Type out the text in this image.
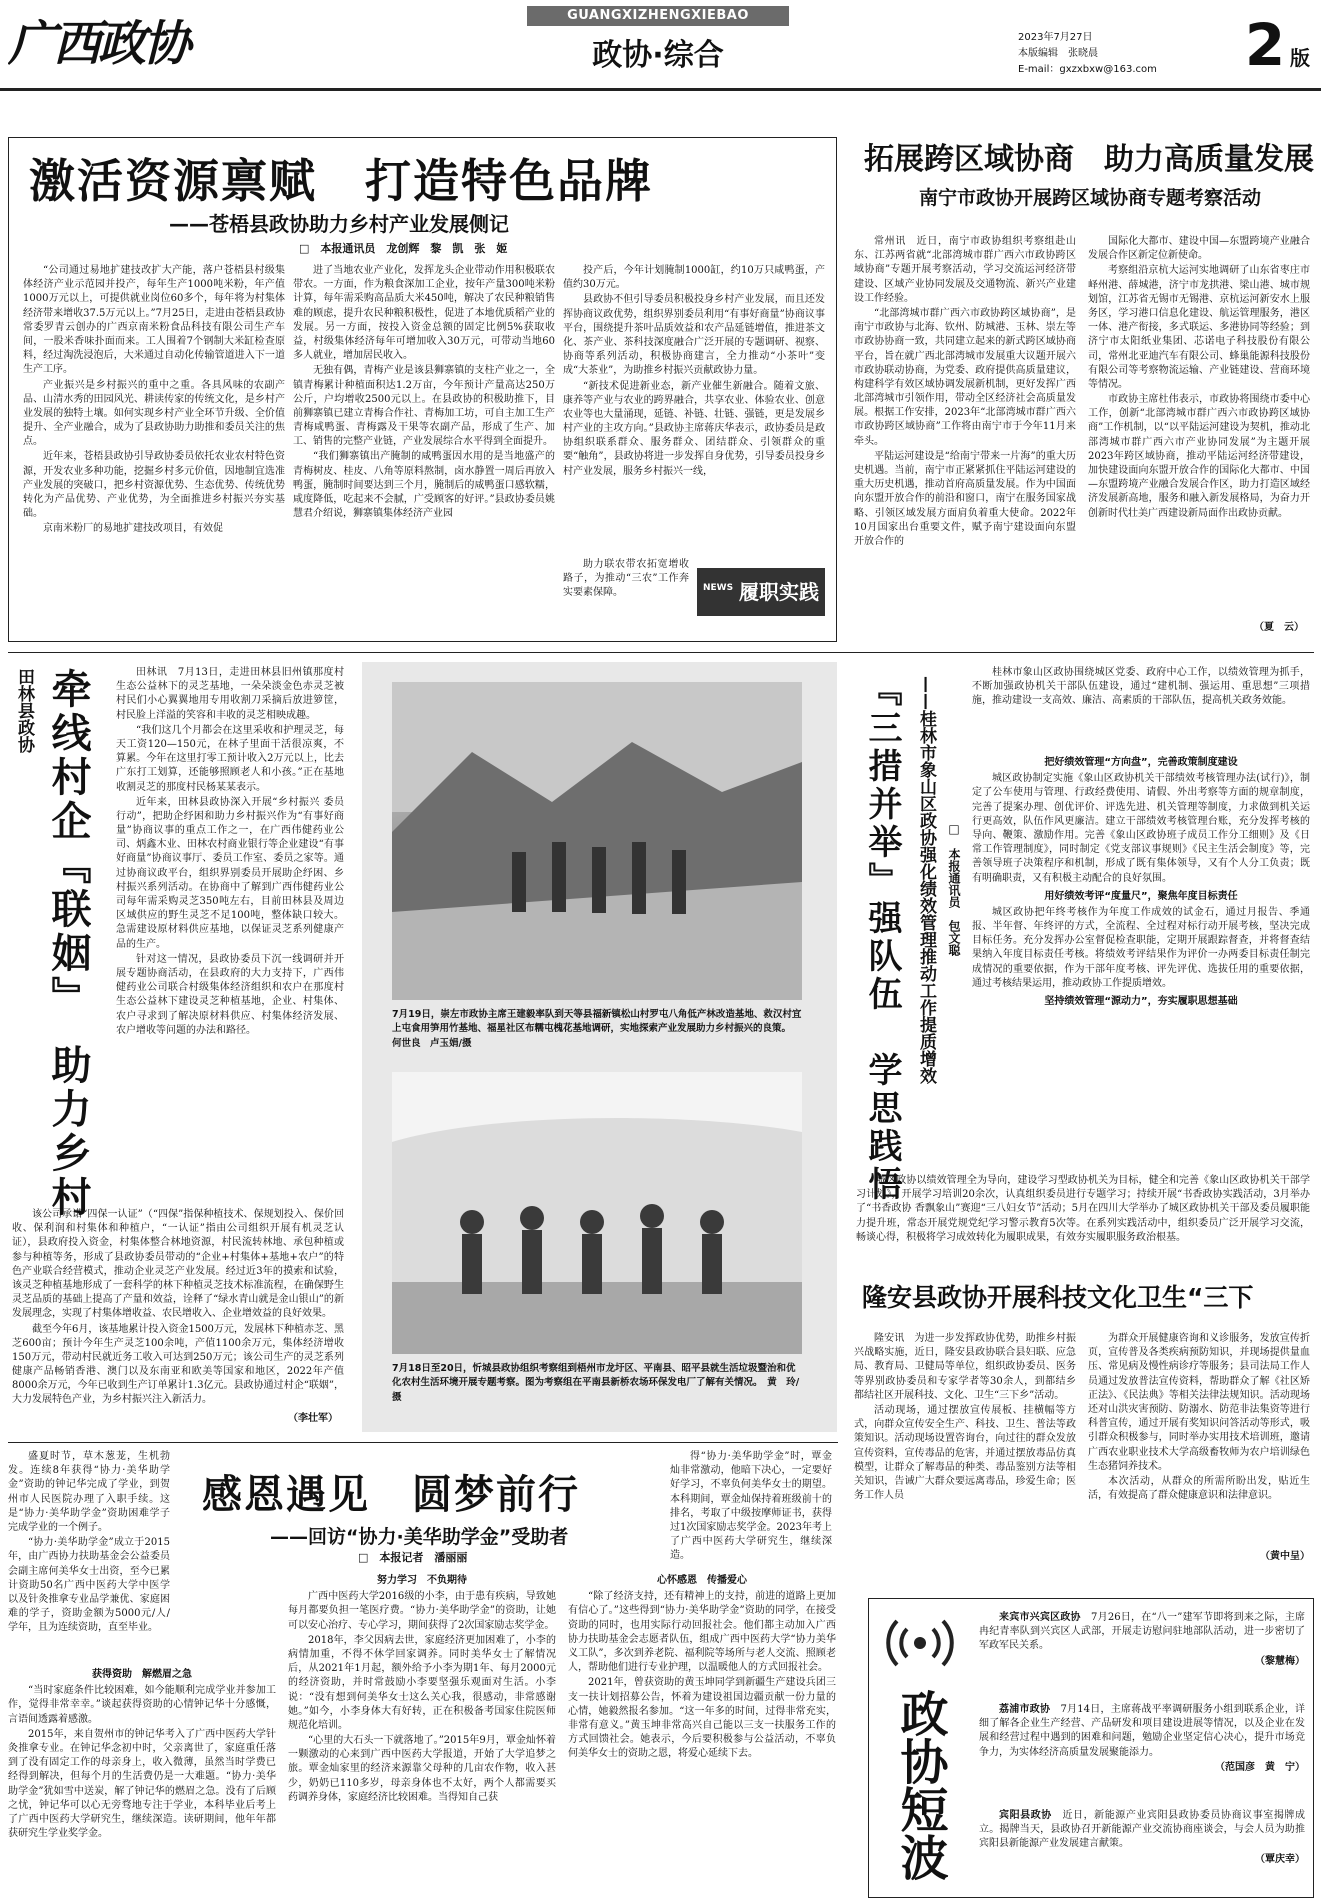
广西政协
GUANGXIZHENGXIEBAO
政协·综合
2023年7月27日
本版编辑　张晓晨
E-mail：gxzxbxw@163.com	2 版
激活资源禀赋　打造特色品牌
——苍梧县政协助力乡村产业发展侧记
□　本报通讯员　龙创辉　黎　凯　张　姬

“公司通过易地扩建技改扩大产能，落户苍梧县村级集体经济产业示范园并投产，每年生产1000吨米粉，年产值1000万元以上，可提供就业岗位60多个，每年将为村集体经济带来增收37.5万元以上。”7月25日，走进由苍梧县政协常委罗青云创办的广西京南米粉食品科技有限公司生产车间，一股米香味扑面而来。工人围着7个钢制大米缸检查原料，经过淘洗浸泡后，大米通过自动化传输管道进入下一道生产工序。

产业振兴是乡村振兴的重中之重。各具风味的农副产品、山清水秀的田园风光、耕读传家的传统文化，是乡村产业发展的独特土壤。如何实现乡村产业全环节升级、全价值提升、全产业融合，成为了县政协助力助推和委员关注的焦点。

近年来，苍梧县政协引导政协委员依托农业农村特色资源，开发农业多种功能，挖掘乡村多元价值，因地制宜选准产业发展的突破口，把乡村资源优势、生态优势、传统优势转化为产品优势、产业优势，为全面推进乡村振兴夯实基础。

京南米粉厂的易地扩建技改项目，有效促

进了当地农业产业化，发挥龙头企业带动作用积极联农带农。一方面，作为粮食深加工企业，按年产量300吨米粉计算，每年需采购高品质大米450吨，解决了农民种粮销售难的顾虑，提升农民种粮积极性，促进了本地优质稻产业的发展。另一方面，按投入资金总额的固定比例5%获取收益，村级集体经济每年可增加收入30万元，可带动当地60多人就业，增加居民收入。

无独有偶，青梅产业是该县狮寨镇的支柱产业之一，全镇青梅累计种植面积达1.2万亩，今年预计产量高达250万公斤，户均增收2500元以上。在县政协的积极助推下，目前狮寨镇已建立青梅合作社、青梅加工坊，可自主加工生产青梅咸鸭蛋、青梅露及干果等农副产品，形成了生产、加工、销售的完整产业链，产业发展综合水平得到全面提升。

“我们狮寨镇出产腌制的咸鸭蛋因水用的是当地盛产的青梅树皮、桂皮、八角等原料熬制，卤水静置一周后再放入鸭蛋，腌制时间要达到三个月，腌制后的咸鸭蛋口感软糯，咸度降低，吃起来不会腻，广受顾客的好评。”县政协委员姚慧君介绍说，狮寨镇集体经济产业园

投产后，今年计划腌制1000缸，约10万只咸鸭蛋，产值约30万元。

县政协不但引导委员积极投身乡村产业发展，而且还发挥协商议政优势，组织界别委员利用“有事好商量”协商议事平台，围绕提升茶叶品质效益和农产品延链增值，推进茶文化、茶产业、茶科技深度融合广泛开展的专题调研、视察、协商等系列活动，积极协商建言，全力推动“小茶叶”变成“大茶业”，为助推乡村振兴贡献政协力量。

“新技术促进新业态，新产业催生新融合。随着文旅、康养等产业与农业的跨界融合，共享农业、体验农业、创意农业等也大量涌现，延链、补链、壮链、强链，更是发展乡村产业的主攻方向。”县政协主席蒋庆华表示，政协委员是政协组织联系群众、服务群众、团结群众、引领群众的重要“触角”，县政协将进一步发挥自身优势，引导委员投身乡村产业发展，服务乡村振兴一线，

助力联农带农拓宽增收路子，为推动“三农”工作奔实要素保障。	NEWS 履职实践
拓展跨区域协商　助力高质量发展
南宁市政协开展跨区域协商专题考察活动

常州讯　近日，南宁市政协组织考察组赴山东、江苏两省就“北部湾城市群广西六市政协跨区域协商”专题开展考察活动，学习交流运河经济带建设、区域产业协同发展及交通物流、新兴产业建设工作经验。

“北部湾城市群广西六市政协跨区域协商”，是南宁市政协与北海、钦州、防城港、玉林、崇左等市政协协商一致，共同建立起来的新式跨区域协商平台，旨在就广西北部湾城市发展重大议题开展六市政协联动协商，为党委、政府提供高质量建议，构建科学有效区域协调发展新机制，更好发挥广西北部湾城市引领作用，带动全区经济社会高质量发展。根据工作安排，2023年“北部湾城市群广西六市政协跨区域协商”工作将由南宁市于今年11月来牵头。

平陆运河建设是“给南宁带来一片海”的重大历史机遇。当前，南宁市正紧紧抓住平陆运河建设的重大历史机遇，推动首府高质量发展。作为中国面向东盟开放合作的前沿和窗口，南宁在服务国家战略、引领区域发展方面肩负着重大使命。2022年10月国家出台重要文件，赋予南宁建设面向东盟开放合作的

国际化大都市、建设中国—东盟跨境产业融合发展合作区新定位新使命。

考察组沿京杭大运河实地调研了山东省枣庄市峄州港、薛城港，济宁市龙拱港、梁山港、城市规划馆，江苏省无锡市无锡港、京杭运河新安水上服务区，学习港口信息化建设、航运管理服务，港区一体、港产衔接，多式联运、多港协同等经验；到济宁市太阳纸业集团、芯诺电子科技股份有限公司，常州北亚迪汽车有限公司、蜂巢能源科技股份有限公司等考察物流运输、产业链建设、营商环境等情况。

市政协主席杜伟表示，市政协将围绕市委中心工作，创新“北部湾城市群广西六市政协跨区域协商”工作机制，以“以平陆运河建设为契机，推动北部湾城市群广西六市产业协同发展”为主题开展2023年跨区域协商，推动平陆运河经济带建设，加快建设面向东盟开放合作的国际化大都市、中国—东盟跨境产业融合发展合作区，助力打造区域经济发展新高地，服务和融入新发展格局，为奋力开创新时代壮美广西建设新局面作出政协贡献。

（夏　云）
田林县政协 牵线村企『联姻』　助力乡村

田林讯　7月13日，走进田林县旧州镇那度村生态公益林下的灵芝基地，一朵朵淡金色赤灵芝被村民们小心翼翼地用专用收割刀采摘后放进箩筐，村民脸上洋溢的笑容和丰收的灵芝相映成趣。

“我们这几个月都会在这里采收和护理灵芝，每天工资120—150元，在林子里面干活很凉爽，不算累。今年在这里打零工预计收入2万元以上，比去广东打工划算，还能够照顾老人和小孩。”正在基地收割灵芝的那度村民杨某某表示。

近年来，田林县政协深入开展“乡村振兴 委员行动”，把助企纾困和助力乡村振兴作为“有事好商量”协商议事的重点工作之一，在广西伟健药业公司、炳鑫木业、田林农村商业银行等企业建设“有事好商量”协商议事厅、委员工作室、委员之家等。通过协商议政平台，组织界别委员开展助企纾困、乡村振兴系列活动。在协商中了解到广西伟健药业公司每年需采购灵芝350吨左右，目前田林县及周边区域供应的野生灵芝不足100吨，整体缺口较大。急需建设原材料供应基地，以保证灵芝系列健康产品的生产。

针对这一情况，县政协委员下沉一线调研并开展专题协商活动，在县政府的大力支持下，广西伟健药业公司联合村级集体经济组织和农户在那度村生态公益林下建设灵芝种植基地，企业、村集体、农户寻求到了解决原材料供应、村集体经济发展、农户增收等问题的办法和路径。

该公司承诺“四保一认证”（“四保”指保种植技术、保规划投入、保价回收、保利润和村集体和种植户，“一认证”指由公司组织开展有机灵芝认证），县政府投入资金，村集体整合林地资源，村民流转林地、承包种植或参与种植等务，形成了县政协委员带动的“企业+村集体+基地+农户”的特色产业联合经营模式，推动企业灵芝产业发展。经过近3年的摸索和试验，该灵芝种植基地形成了一套科学的林下种植灵芝技术标准流程，在确保野生灵芝品质的基础上提高了产量和效益，诠释了“绿水青山就是金山银山”的新发展理念，实现了村集体增收益、农民增收入、企业增效益的良好效果。

截至今年6月，该基地累计投入资金1500万元，发展林下种植赤芝、黑芝600亩；预计今年生产灵芝100余吨，产值1100余万元，集体经济增收150万元，带动村民就近务工收入可达到250万元；该公司生产的灵芝系列健康产品畅销香港、澳门以及东南亚和欧美等国家和地区，2022年产值8000余万元，今年已收到生产订单累计1.3亿元。县政协通过村企“联姻”，大力发展特色产业，为乡村振兴注入新活力。

（李壮军）
7月19日，崇左市政协主席王建毅率队到天等县福新镇松山村罗屯八角低产林改造基地、救汉村宜上屯食用笋用竹基地、福星社区布糯屯槐花基地调研，实地探索产业发展助力乡村振兴的良策。　何世良　卢玉娟/摄
7月18日至20日，忻城县政协组织考察组到梧州市龙圩区、平南县、昭平县就生活垃圾暨治和优化农村生活环境开展专题考察。图为考察组在平南县新桥农场环保发电厂了解有关情况。　黄　玲/摄
『三措并举』强队伍　学思践悟
——桂林市象山区政协强化绩效管理推动工作提质增效 □　本报通讯员　包文聪

桂林市象山区政协围绕城区党委、政府中心工作，以绩效管理为抓手，不断加强政协机关干部队伍建设，通过“建机制、强运用、重思想”三项措施，推动建设一支高效、廉洁、高素质的干部队伍，提高机关政务效能。

把好绩效管理“方向盘”，完善政策制度建设

城区政协制定实施《象山区政协机关干部绩效考核管理办法(试行)》，制定了公车使用与管理、行政经费使用、请假、外出考察等方面的规章制度，完善了提案办理、创优评价、评选先进、机关管理等制度，力求做到机关运行更高效，队伍作风更廉洁。建立干部绩效考核管理台账，充分发挥考核的导向、鞭策、激励作用。完善《象山区政协班子成员工作分工细则》及《日常工作管理制度》，同时制定《党支部议事规则》《民主生活会制度》等，完善领导班子决策程序和机制，形成了既有集体领导，又有个人分工负责；既有明确职责，又有积极主动配合的良好氛围。

用好绩效考评“度量尺”，聚焦年度目标责任

城区政协把年终考核作为年度工作成效的试金石，通过月报告、季通报、半年督、年终评的方式，全流程、全过程对标行动开展考核，坚决完成目标任务。充分发挥办公室督促检查职能，定期开展跟踪督查，并将督查结果纳入年度目标责任考核。将绩效考评结果作为评价一办两委目标责任制完成情况的重要依据，作为干部年度考核、评先评优、选拔任用的重要依据，通过考核结果运用，推动政协工作提质增效。

坚持绩效管理“源动力”，夯实履职思想基础

城区政协以绩效管理全为导向，建设学习型政协机关为目标，健全和完善《象山区政协机关干部学习计划》，开展学习培训20余次，认真组织委员进行专题学习；持续开展“书香政协实践活动，3月举办了“书香政协 香飘象山”赛迎“三八妇女节”活动；5月在四川大学举办了城区政协机关干部及委员履职能力提升班，常态开展党规党纪学习警示教育5次等。在系列实践活动中，组织委员广泛开展学习交流，畅谈心得，积极将学习成效转化为履职成果，有效夯实履职服务政治根基。

隆安县政协开展科技文化卫生“三下

隆安讯　为进一步发挥政协优势，助推乡村振兴战略实施，近日，隆安县政协联合县妇联、应急局、教育局、卫健局等单位，组织政协委员、医务等界别政协委员和专家学者等30余人，到都结乡都结社区开展科技、文化、卫生“三下乡”活动。

活动现场，通过摆放宣传展板、挂横幅等方式，向群众宣传安全生产、科技、卫生、普法等政策知识。活动现场设置咨询台，向过往的群众发放宣传资料，宣传毒品的危害，并通过摆放毒品仿真模型，让群众了解毒品的种类、毒品鉴别方法等相关知识，告诫广大群众要远离毒品，珍爱生命；医务工作人员

为群众开展健康咨询和义诊服务，发放宣传折页，宣传普及各类疾病预防知识，并现场提供量血压、常见病及慢性病诊疗等服务；县司法局工作人员通过发放普法宣传资料，帮助群众了解《社区矫正法》、《民法典》等相关法律法规知识。活动现场还对山洪灾害预防、防溺水、防范非法集资等进行科普宣传，通过开展有奖知识问答活动等形式，吸引群众积极参与，同时举办实用技术培训班，邀请广西农业职业技术大学高级畜牧师为农户培训绿色生态猪饲养技术。

本次活动，从群众的所需所盼出发，贴近生活，有效提高了群众健康意识和法律意识。

（黄中呈）

盛夏时节，草木葱茏，生机勃发。连续8年获得“协力·美华助学金”资助的钟记华完成了学业，到贺州市人民医院办理了入职手续。这是“协力·美华助学金”资助困难学子完成学业的一个例子。

“协力·美华助学金”成立于2015年，由广西协力扶助基金会公益委员会副主席何美华女士出资，至今已累计资助50名广西中医药大学中医学以及针灸推拿专业品学兼优、家庭困难的学子，资助金额为5000元/人/学年，且为连续资助，直至毕业。

感恩遇见　圆梦前行
——回访“协力·美华助学金”受助者
□　本报记者　潘丽丽
获得资助　解燃眉之急

“当时家庭条件比较困难，如今能顺利完成学业并参加工作，觉得非常幸幸。”谈起获得资助的心情钟记华十分感慨，言语间透露着感激。

2015年，来自贺州市的钟记华考入了广西中医药大学针灸推拿专业。在钟记华念初中时，父亲离世了，家庭重任落到了没有固定工作的母亲身上，收入微薄，虽然当时学费已经得到解决，但每个月的生活费仍是一大难题。“协力·美华助学金”犹如雪中送炭，解了钟记华的燃眉之急。没有了后顾之忧，钟记华可以心无旁骛地专注于学业，本科毕业后考上了广西中医药大学研究生，继续深造。读研期间，他年年都获研究生学业奖学金。

努力学习　不负期待

广西中医药大学2016级的小李，由于患有疾病，导致她每月都要负担一笔医疗费。“协力·美华助学金”的资助，让她可以安心治疗、专心学习，期间获得了2次国家励志奖学金。

2018年，李父因病去世，家庭经济更加困难了，小李的病情加重，不得不休学回家调养。同时美华女士了解情况后，从2021年1月起，额外给予小李为期1年、每月2000元的经济资助，并时常鼓励小李要坚强乐观面对生活。小李说：“没有想到何美华女士这么关心我，很感动，非常感谢她。”如今，小李身体大有好转，正在积极备考国家住院医师规范化培训。

“心里的大石头一下就落地了。”2015年9月，覃金灿怀着一颗激动的心来到广西中医药大学报道，开始了大学追梦之旅。覃金灿家里的经济来源靠父母种的几亩农作物，收入甚少，奶奶已110多岁，母亲身体也不太好，两个人都需要买药调养身体，家庭经济比较困难。当得知自己获

得“协力·美华助学金”时，覃金灿非常激动，他暗下决心，一定要好好学习，不辜负何美华女士的期望。本科期间，覃金灿保持着班级前十的排名，考取了中级按摩师证书，获得过1次国家励志奖学金。2023年考上了广西中医药大学研究生，继续深造。

心怀感恩　传播爱心

“除了经济支持，还有精神上的支持，前进的道路上更加有信心了。”这些得到“协力·美华助学金”资助的同学，在接受资助的同时，也用实际行动回报社会。他们都主动加入广西协力扶助基金会志愿者队伍，组成广西中医药大学“协力美华义工队”，多次到养老院、福利院等场所与老人交流、照顾老人，帮助他们进行专业护理，以温暖他人的方式回报社会。

2021年，曾获资助的黄玉坤同学到新疆生产建设兵团三支一扶计划招募公告，怀着为建设祖国边疆贡献一份力量的心情，她毅然报名参加。“这一年多的时间，过得非常充实，非常有意义。”黄玉坤非常高兴自己能以三支一扶服务工作的方式回馈社会。她表示，今后要积极参与公益活动，不辜负何美华女士的资助之恩，将爱心延续下去。	政协短波

来宾市兴宾区政协　 7月26日，在“八一”建军节即将到来之际，主席冉纪青率队到兴宾区人武部，开展走访慰问驻地部队活动，进一步密切了军政军民关系。

（黎慧梅）

荔浦市政协　 7月14日，主席蒋战平率调研服务小组到联系企业，详细了解各企业生产经营、产品研发和项目建设进展等情况，以及企业在发展和经营过程中遇到的困难和问题，勉励企业坚定信心决心，提升市场竞争力，为实体经济高质量发展聚能添力。

（范国彦　黄　宁）

宾阳县政协　 近日，新能源产业宾阳县政协委员协商议事室揭牌成立。揭牌当天，县政协召开新能源产业交流协商座谈会，与会人员为助推宾阳县新能源产业发展建言献策。

（覃庆幸）
